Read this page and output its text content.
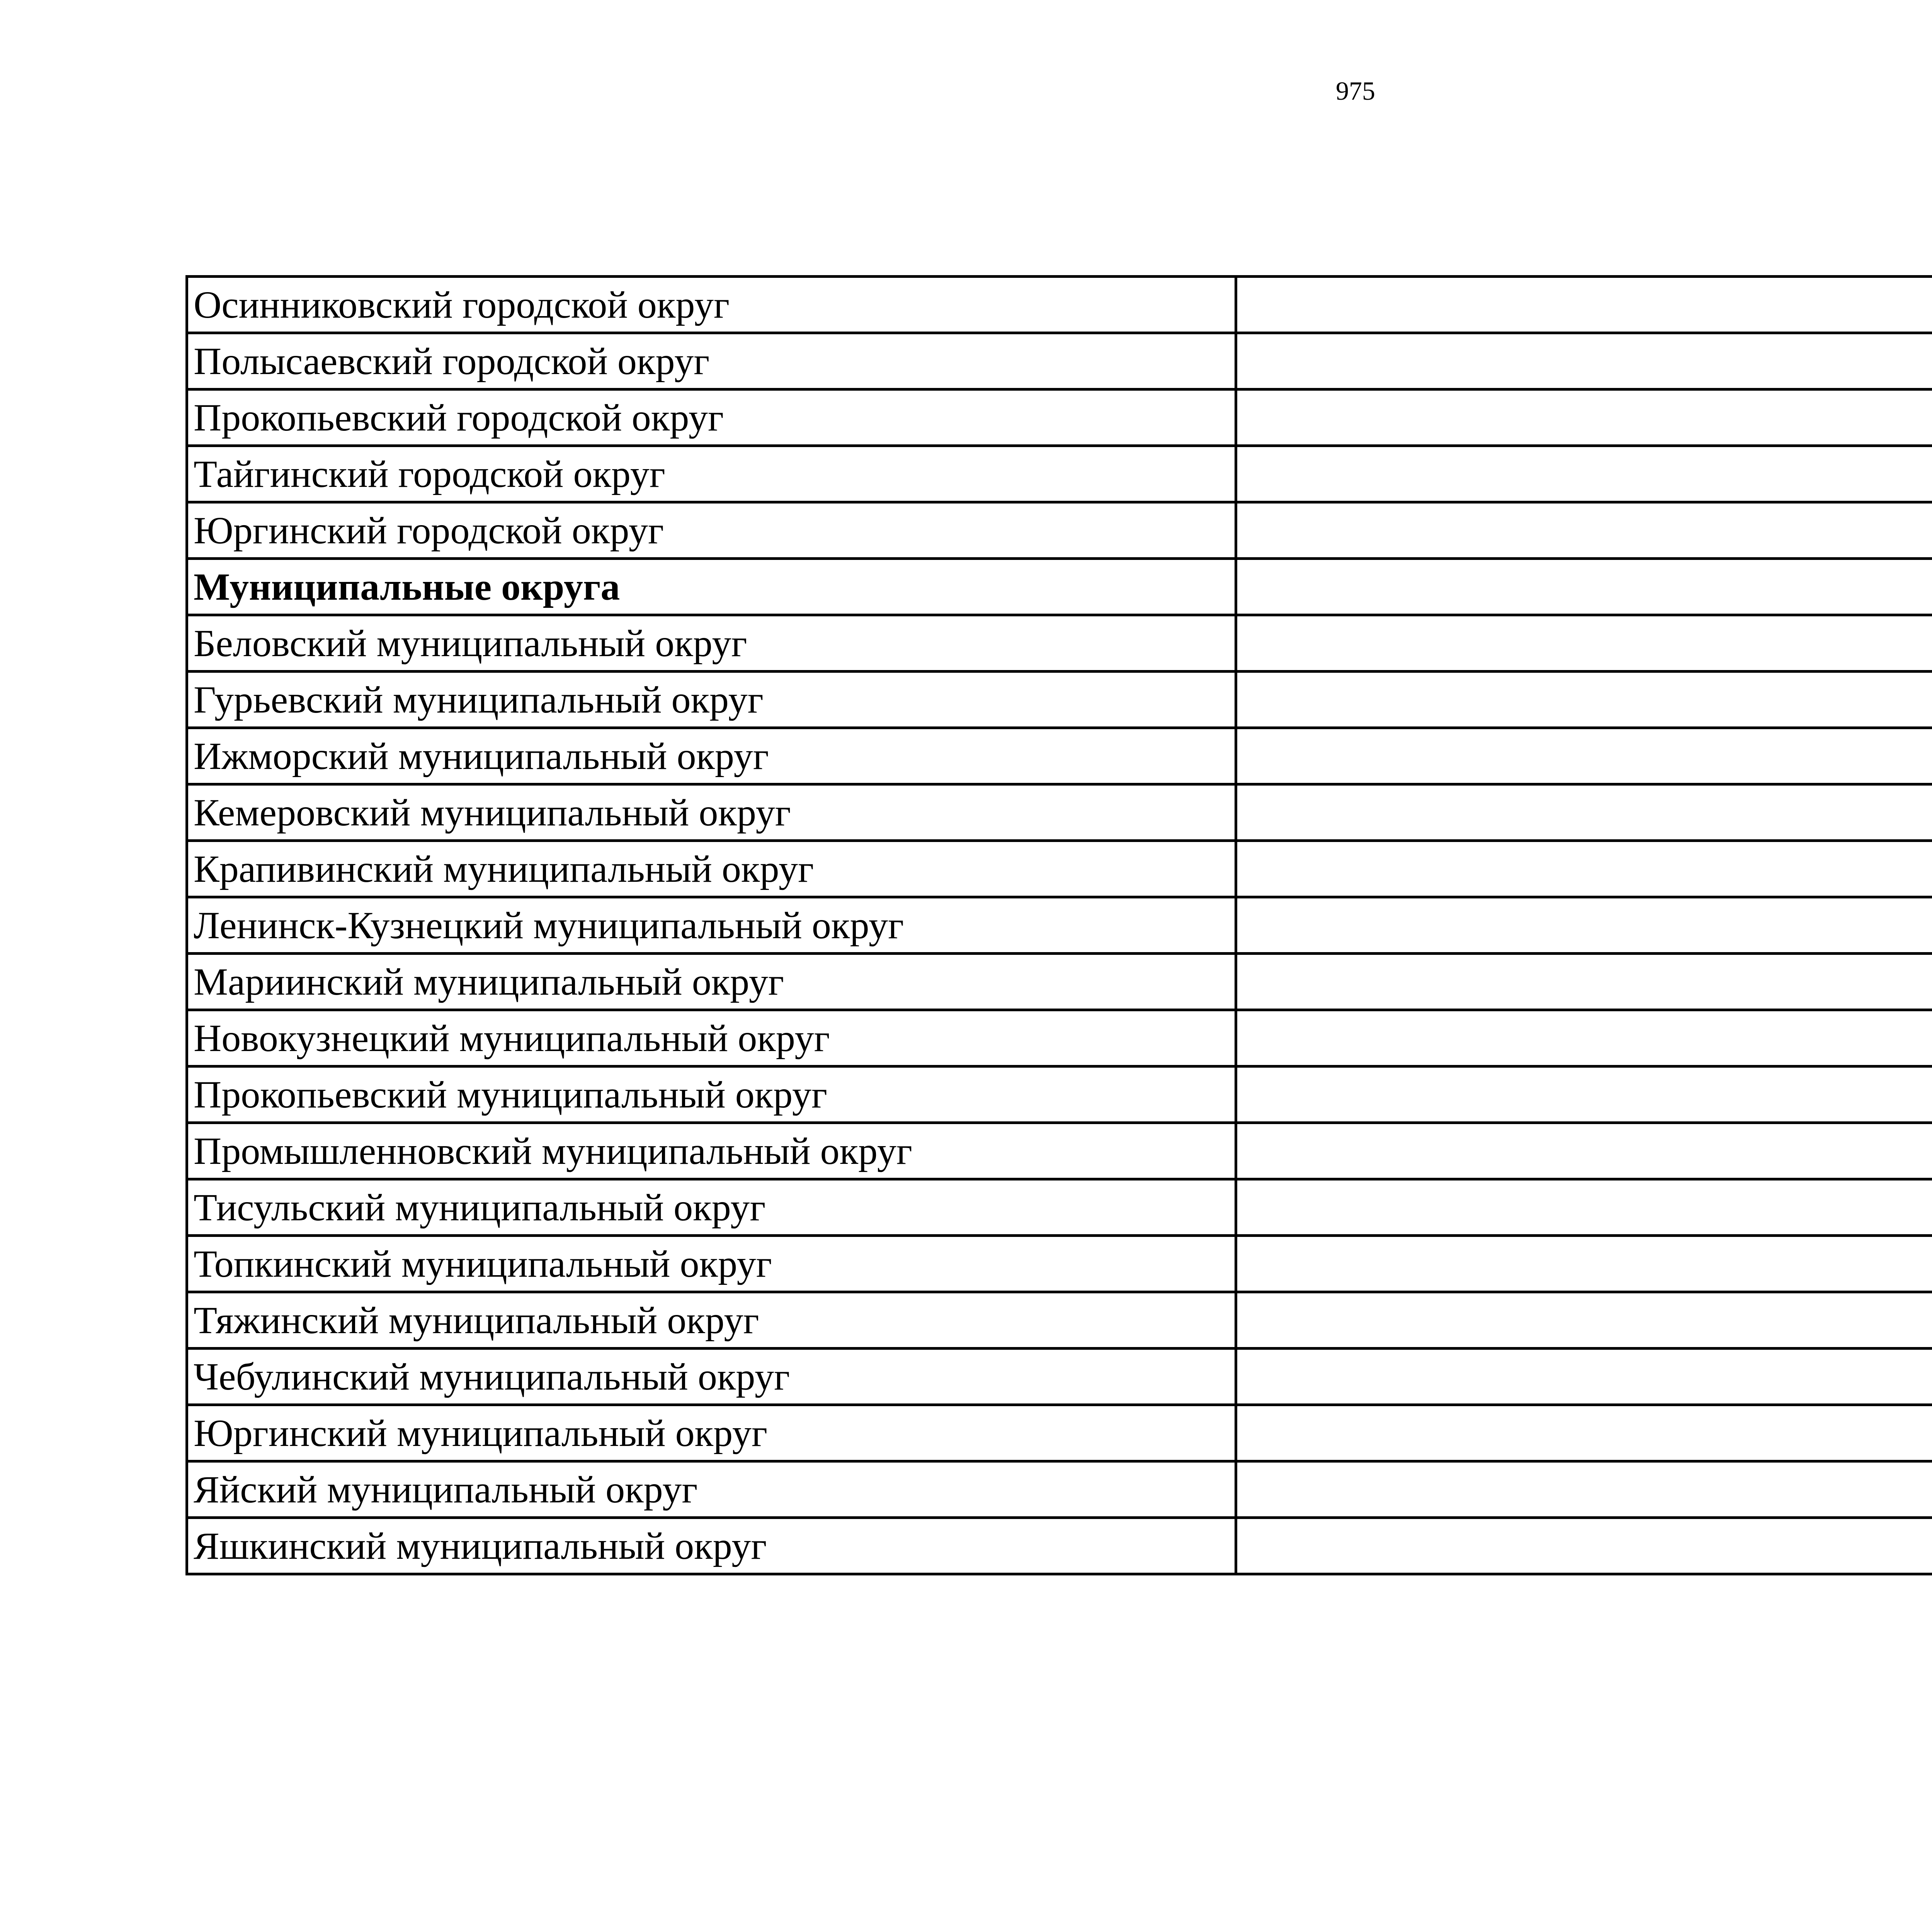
975
Осинниковский городской округ	
Полысаевский городской округ	
Прокопьевский городской округ	
Тайгинский городской округ	
Юргинский городской округ	
Муниципальные округа	
Беловский муниципальный округ	
Гурьевский муниципальный округ	
Ижморский муниципальный округ	
Кемеровский муниципальный округ	
Крапивинский муниципальный округ	
Ленинск-Кузнецкий муниципальный округ	
Мариинский муниципальный округ	
Новокузнецкий муниципальный округ	
Прокопьевский муниципальный округ	
Промышленновский муниципальный округ	
Тисульский муниципальный округ	
Топкинский муниципальный округ	
Тяжинский муниципальный округ	
Чебулинский муниципальный округ	
Юргинский муниципальный округ	
Яйский муниципальный округ	
Яшкинский муниципальный округ	
